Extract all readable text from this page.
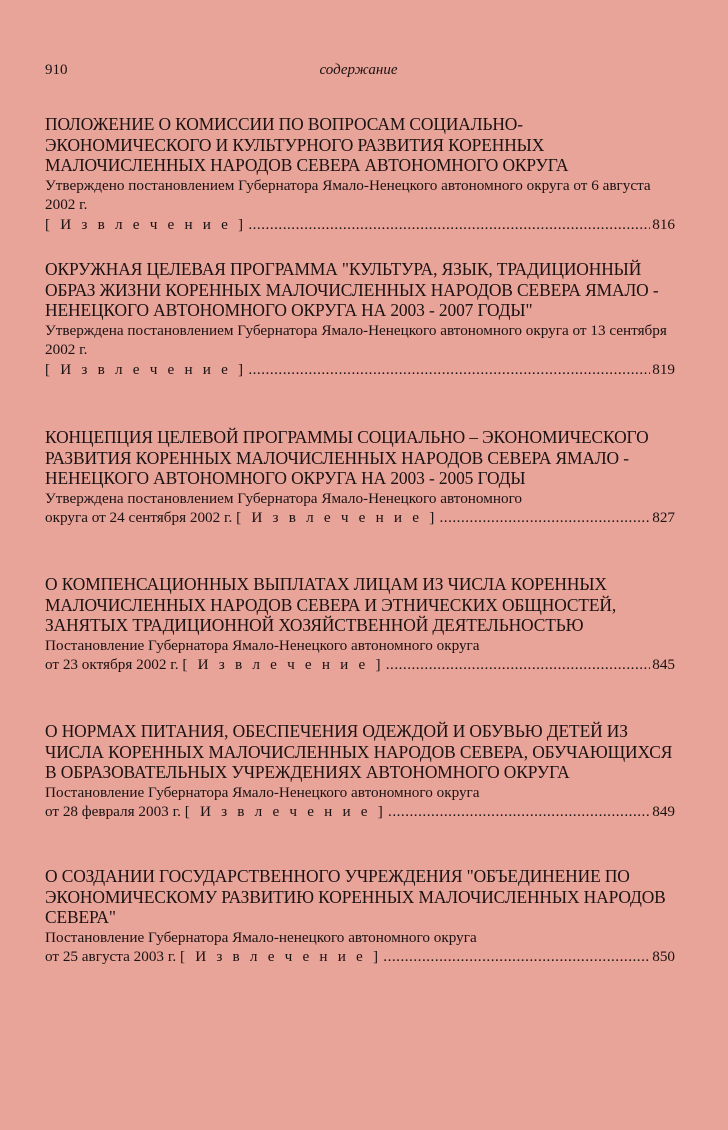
910	содержание

ПОЛОЖЕНИЕ О КОМИССИИ ПО ВОПРОСАМ СОЦИАЛЬНО-ЭКОНОМИЧЕСКОГО И КУЛЬТУРНОГО РАЗВИТИЯ КОРЕННЫХ МАЛОЧИСЛЕННЫХ НАРОДОВ СЕВЕРА АВТОНОМНОГО ОКРУГА

Утверждено постановлением Губернатора Ямало-Ненецкого автономного округа от 6 августа 2002 г.

[ И з в л е ч е н и е ] .....	816

ОКРУЖНАЯ ЦЕЛЕВАЯ ПРОГРАММА "КУЛЬТУРА, ЯЗЫК, ТРАДИЦИОННЫЙ ОБРАЗ ЖИЗНИ КОРЕННЫХ МАЛОЧИСЛЕННЫХ НАРОДОВ СЕВЕРА ЯМАЛО - НЕНЕЦКОГО АВТОНОМНОГО ОКРУГА НА 2003 - 2007 ГОДЫ"

Утверждена постановлением Губернатора Ямало-Ненецкого автономного округа от 13 сентября 2002 г.

[ И з в л е ч е н и е ] .....	819

КОНЦЕПЦИЯ ЦЕЛЕВОЙ ПРОГРАММЫ СОЦИАЛЬНО – ЭКОНОМИЧЕСКОГО РАЗВИТИЯ КОРЕННЫХ МАЛОЧИСЛЕННЫХ НАРОДОВ СЕВЕРА ЯМАЛО - НЕНЕЦКОГО АВТОНОМНОГО ОКРУГА НА 2003 - 2005 ГОДЫ

Утверждена постановлением Губернатора Ямало-Ненецкого автономного

округа от 24 сентября 2002 г.
[ И з в л е ч е н и е ] .....	827

О КОМПЕНСАЦИОННЫХ ВЫПЛАТАХ ЛИЦАМ ИЗ ЧИСЛА КОРЕННЫХ МАЛОЧИСЛЕННЫХ НАРОДОВ СЕВЕРА И ЭТНИЧЕСКИХ ОБЩНОСТЕЙ, ЗАНЯТЫХ ТРАДИЦИОННОЙ ХОЗЯЙСТВЕННОЙ ДЕЯТЕЛЬНОСТЬЮ

Постановление Губернатора Ямало-Ненецкого автономного округа

от 23 октября 2002 г.
[ И з в л е ч е н и е ] .....	845

О НОРМАХ ПИТАНИЯ, ОБЕСПЕЧЕНИЯ ОДЕЖДОЙ И ОБУВЬЮ ДЕТЕЙ ИЗ ЧИСЛА КОРЕННЫХ МАЛОЧИСЛЕННЫХ НАРОДОВ СЕВЕРА, ОБУЧАЮЩИХСЯ В ОБРАЗОВАТЕЛЬНЫХ УЧРЕЖДЕНИЯХ АВТОНОМНОГО ОКРУГА

Постановление Губернатора Ямало-Ненецкого автономного округа

от 28 февраля 2003 г.
[ И з в л е ч е н и е ] .....	849

О СОЗДАНИИ ГОСУДАРСТВЕННОГО УЧРЕЖДЕНИЯ "ОБЪЕДИНЕНИЕ ПО ЭКОНОМИЧЕСКОМУ РАЗВИТИЮ КОРЕННЫХ МАЛОЧИСЛЕННЫХ НАРОДОВ СЕВЕРА"

Постановление Губернатора Ямало-ненецкого автономного округа

от 25 августа 2003 г.
[ И з в л е ч е н и е ] .....	850
